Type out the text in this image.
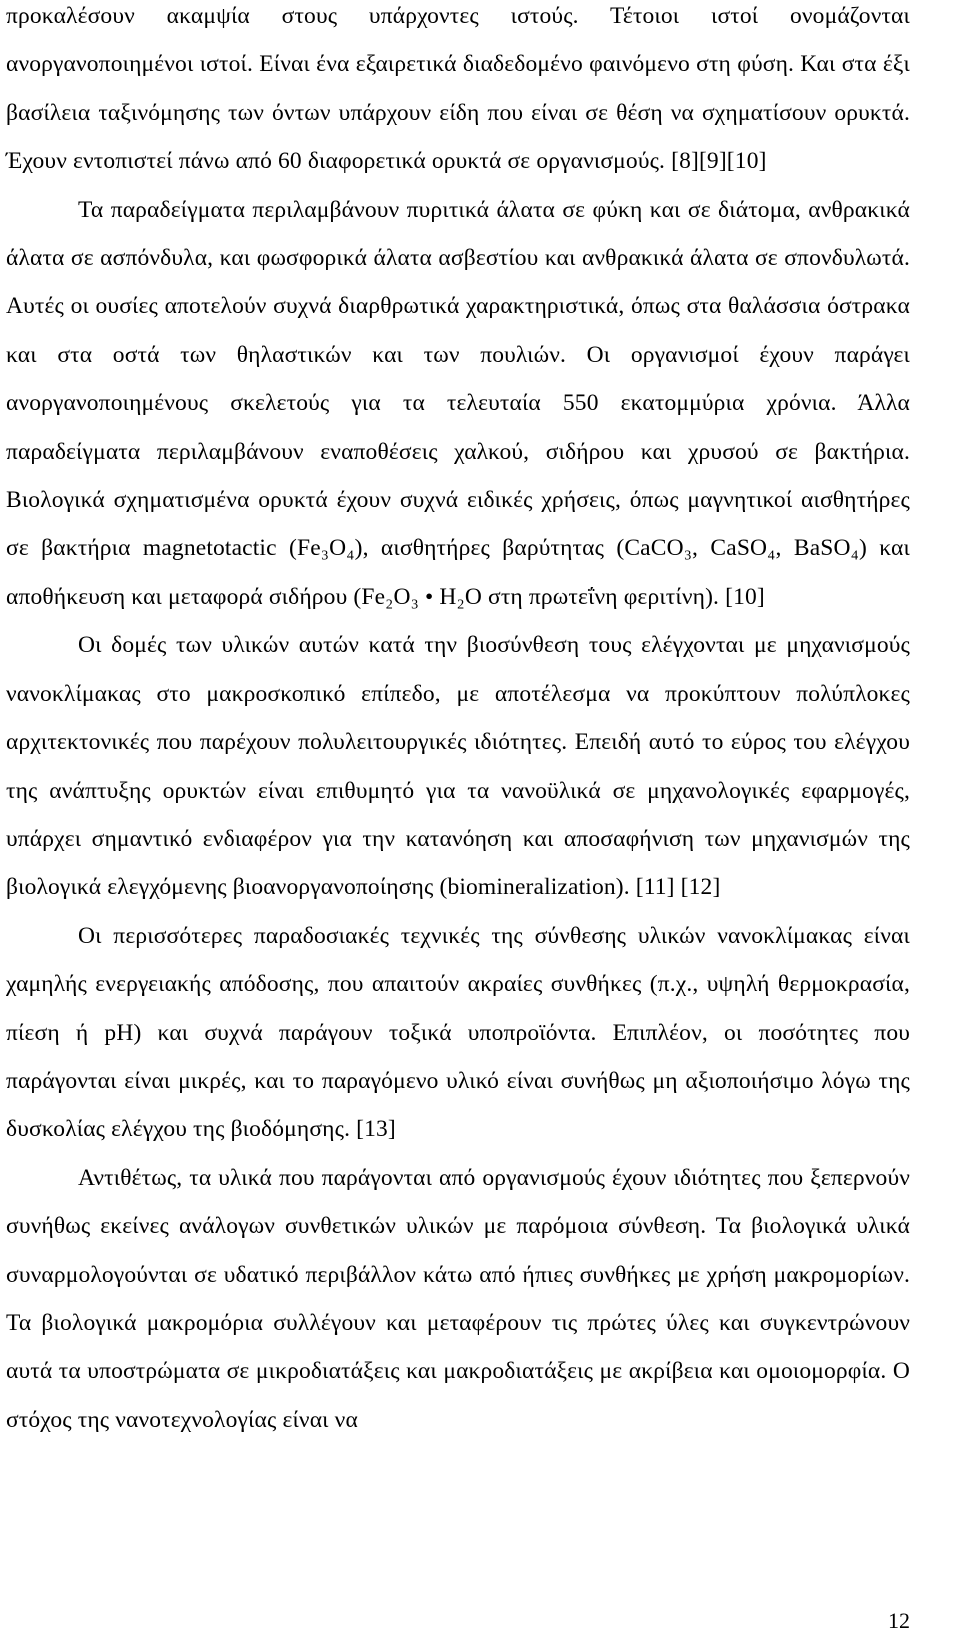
προκαλέσουν ακαμψία στους υπάρχοντες ιστούς. Τέτοιοι ιστοί ονομάζονται ανοργανοποιημένοι ιστοί. Είναι ένα εξαιρετικά διαδεδομένο φαινόμενο στη φύση. Και στα έξι βασίλεια ταξινόμησης των όντων υπάρχουν είδη που είναι σε θέση να σχηματίσουν ορυκτά. Έχουν εντοπιστεί πάνω από 60 διαφορετικά ορυκτά σε οργανισμούς. [8][9][10]

Τα παραδείγματα περιλαμβάνουν πυριτικά άλατα σε φύκη και σε διάτομα, ανθρακικά άλατα σε ασπόνδυλα, και φωσφορικά άλατα ασβεστίου και ανθρακικά άλατα σε σπονδυλωτά. Αυτές οι ουσίες αποτελούν συχνά διαρθρωτικά χαρακτηριστικά, όπως στα θαλάσσια όστρακα και στα οστά των θηλαστικών και των πουλιών. Οι οργανισμοί έχουν παράγει ανοργανοποιημένους σκελετούς για τα τελευταία 550 εκατομμύρια χρόνια. Άλλα παραδείγματα περιλαμβάνουν εναποθέσεις χαλκού, σιδήρου και χρυσού σε βακτήρια. Βιολογικά σχηματισμένα ορυκτά έχουν συχνά ειδικές χρήσεις, όπως μαγνητικοί αισθητήρες σε βακτήρια magnetotactic (Fe₃O₄), αισθητήρες βαρύτητας (CaCO₃, CaSO₄, BaSO₄) και αποθήκευση και μεταφορά σιδήρου (Fe₂O₃ • H₂O στη πρωτεΐνη φεριτίνη). [10]

Οι δομές των υλικών αυτών κατά την βιοσύνθεση τους ελέγχονται με μηχανισμούς νανοκλίμακας στο μακροσκοπικό επίπεδο, με αποτέλεσμα να προκύπτουν πολύπλοκες αρχιτεκτονικές που παρέχουν πολυλειτουργικές ιδιότητες. Επειδή αυτό το εύρος του ελέγχου της ανάπτυξης ορυκτών είναι επιθυμητό για τα νανοϋλικά σε μηχανολογικές εφαρμογές, υπάρχει σημαντικό ενδιαφέρον για την κατανόηση και αποσαφήνιση των μηχανισμών της βιολογικά ελεγχόμενης βιοανοργανοποίησης (biomineralization). [11] [12]

Οι περισσότερες παραδοσιακές τεχνικές της σύνθεσης υλικών νανοκλίμακας είναι χαμηλής ενεργειακής απόδοσης, που απαιτούν ακραίες συνθήκες (π.χ., υψηλή θερμοκρασία, πίεση ή pH) και συχνά παράγουν τοξικά υποπροϊόντα. Επιπλέον, οι ποσότητες που παράγονται είναι μικρές, και το παραγόμενο υλικό είναι συνήθως μη αξιοποιήσιμο λόγω της δυσκολίας ελέγχου της βιοδόμησης. [13]

Αντιθέτως, τα υλικά που παράγονται από οργανισμούς έχουν ιδιότητες που ξεπερνούν συνήθως εκείνες ανάλογων συνθετικών υλικών με παρόμοια σύνθεση. Τα βιολογικά υλικά συναρμολογούνται σε υδατικό περιβάλλον κάτω από ήπιες συνθήκες με χρήση μακρομορίων. Τα βιολογικά μακρομόρια συλλέγουν και μεταφέρουν τις πρώτες ύλες και συγκεντρώνουν αυτά τα υποστρώματα σε μικροδιατάξεις και μακροδιατάξεις με ακρίβεια και ομοιομορφία. Ο στόχος της νανοτεχνολογίας είναι να

12
